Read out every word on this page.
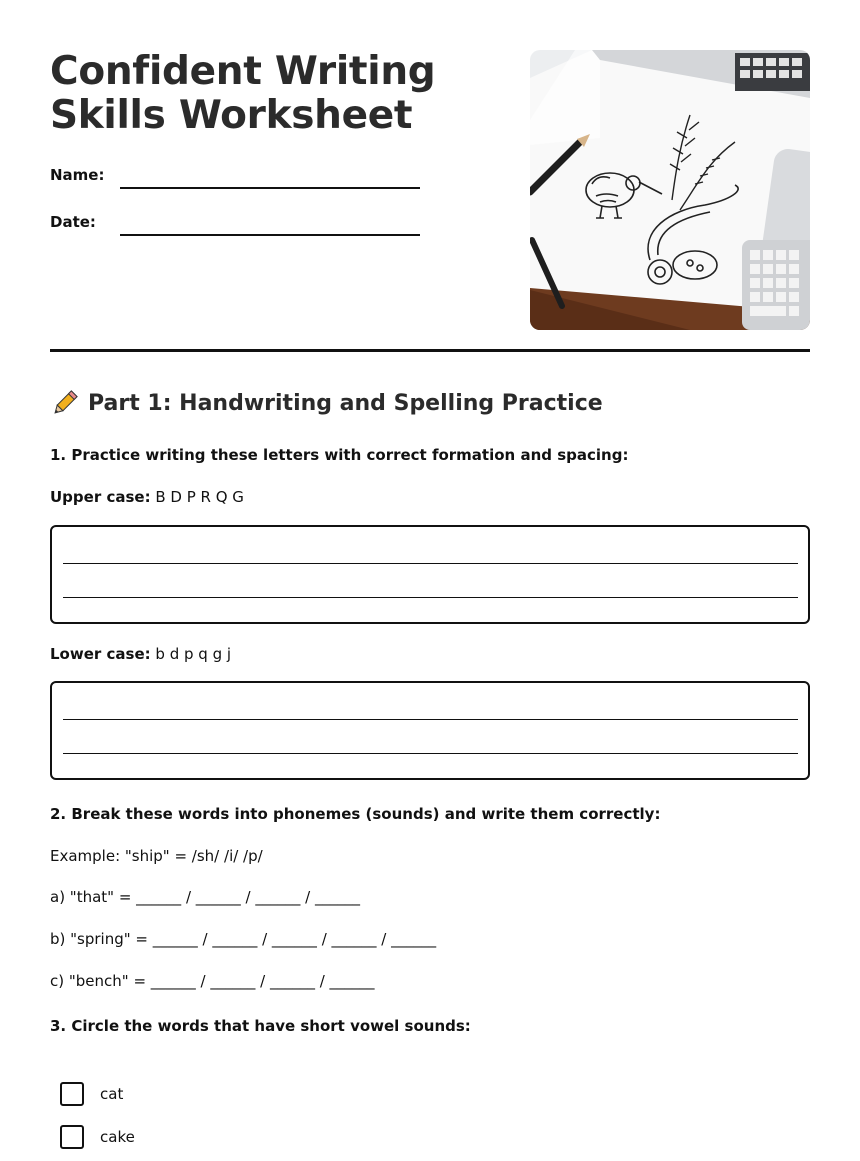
Confident Writing Skills Worksheet
Name:
Date:
Part 1: Handwriting and Spelling Practice

1. Practice writing these letters with correct formation and spacing:

Upper case: B D P R Q G

Lower case: b d p q g j

2. Break these words into phonemes (sounds) and write them correctly:

Example: "ship" = /sh/ /i/ /p/

a) "that" = ______ / ______ / ______ / ______

b) "spring" = ______ / ______ / ______ / ______ / ______

c) "bench" = ______ / ______ / ______ / ______

3. Circle the words that have short vowel sounds:

cat
cake
